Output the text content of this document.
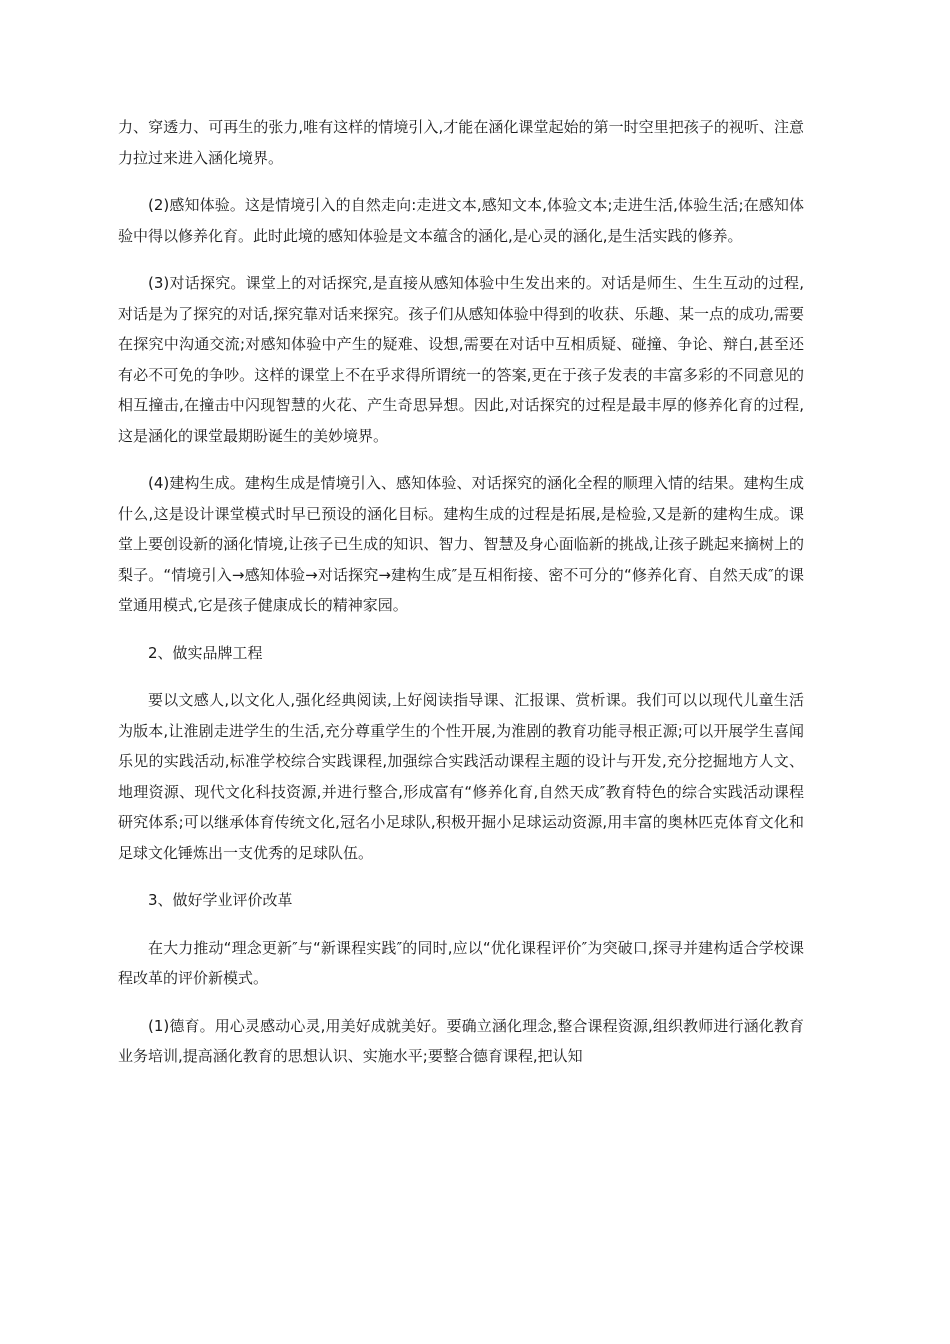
力、穿透力、可再生的张力,唯有这样的情境引入,才能在涵化课堂起始的第一时空里把孩子的视听、注意力拉过来进入涵化境界。

(2)感知体验。这是情境引入的自然走向:走进文本,感知文本,体验文本;走进生活,体验生活;在感知体验中得以修养化育。此时此境的感知体验是文本蕴含的涵化,是心灵的涵化,是生活实践的修养。

(3)对话探究。课堂上的对话探究,是直接从感知体验中生发出来的。对话是师生、生生互动的过程,对话是为了探究的对话,探究靠对话来探究。孩子们从感知体验中得到的收获、乐趣、某一点的成功,需要在探究中沟通交流;对感知体验中产生的疑难、设想,需要在对话中互相质疑、碰撞、争论、辩白,甚至还有必不可免的争吵。这样的课堂上不在乎求得所谓统一的答案,更在于孩子发表的丰富多彩的不同意见的相互撞击,在撞击中闪现智慧的火花、产生奇思异想。因此,对话探究的过程是最丰厚的修养化育的过程,这是涵化的课堂最期盼诞生的美妙境界。

(4)建构生成。建构生成是情境引入、感知体验、对话探究的涵化全程的顺理入情的结果。建构生成什么,这是设计课堂模式时早已预设的涵化目标。建构生成的过程是拓展,是检验,又是新的建构生成。课堂上要创设新的涵化情境,让孩子已生成的知识、智力、智慧及身心面临新的挑战,让孩子跳起来摘树上的梨子。“情境引入→感知体验→对话探究→建构生成″是互相衔接、密不可分的“修养化育、自然天成″的课堂通用模式,它是孩子健康成长的精神家园。

2、做实品牌工程

要以文感人,以文化人,强化经典阅读,上好阅读指导课、汇报课、赏析课。我们可以以现代儿童生活为版本,让淮剧走进学生的生活,充分尊重学生的个性开展,为淮剧的教育功能寻根正源;可以开展学生喜闻乐见的实践活动,标准学校综合实践课程,加强综合实践活动课程主题的设计与开发,充分挖掘地方人文、地理资源、现代文化科技资源,并进行整合,形成富有“修养化育,自然天成″教育特色的综合实践活动课程研究体系;可以继承体育传统文化,冠名小足球队,积极开掘小足球运动资源,用丰富的奥林匹克体育文化和足球文化锤炼出一支优秀的足球队伍。

3、做好学业评价改革

在大力推动“理念更新″与“新课程实践″的同时,应以“优化课程评价″为突破口,探寻并建构适合学校课程改革的评价新模式。

(1)德育。用心灵感动心灵,用美好成就美好。要确立涵化理念,整合课程资源,组织教师进行涵化教育业务培训,提高涵化教育的思想认识、实施水平;要整合德育课程,把认知
